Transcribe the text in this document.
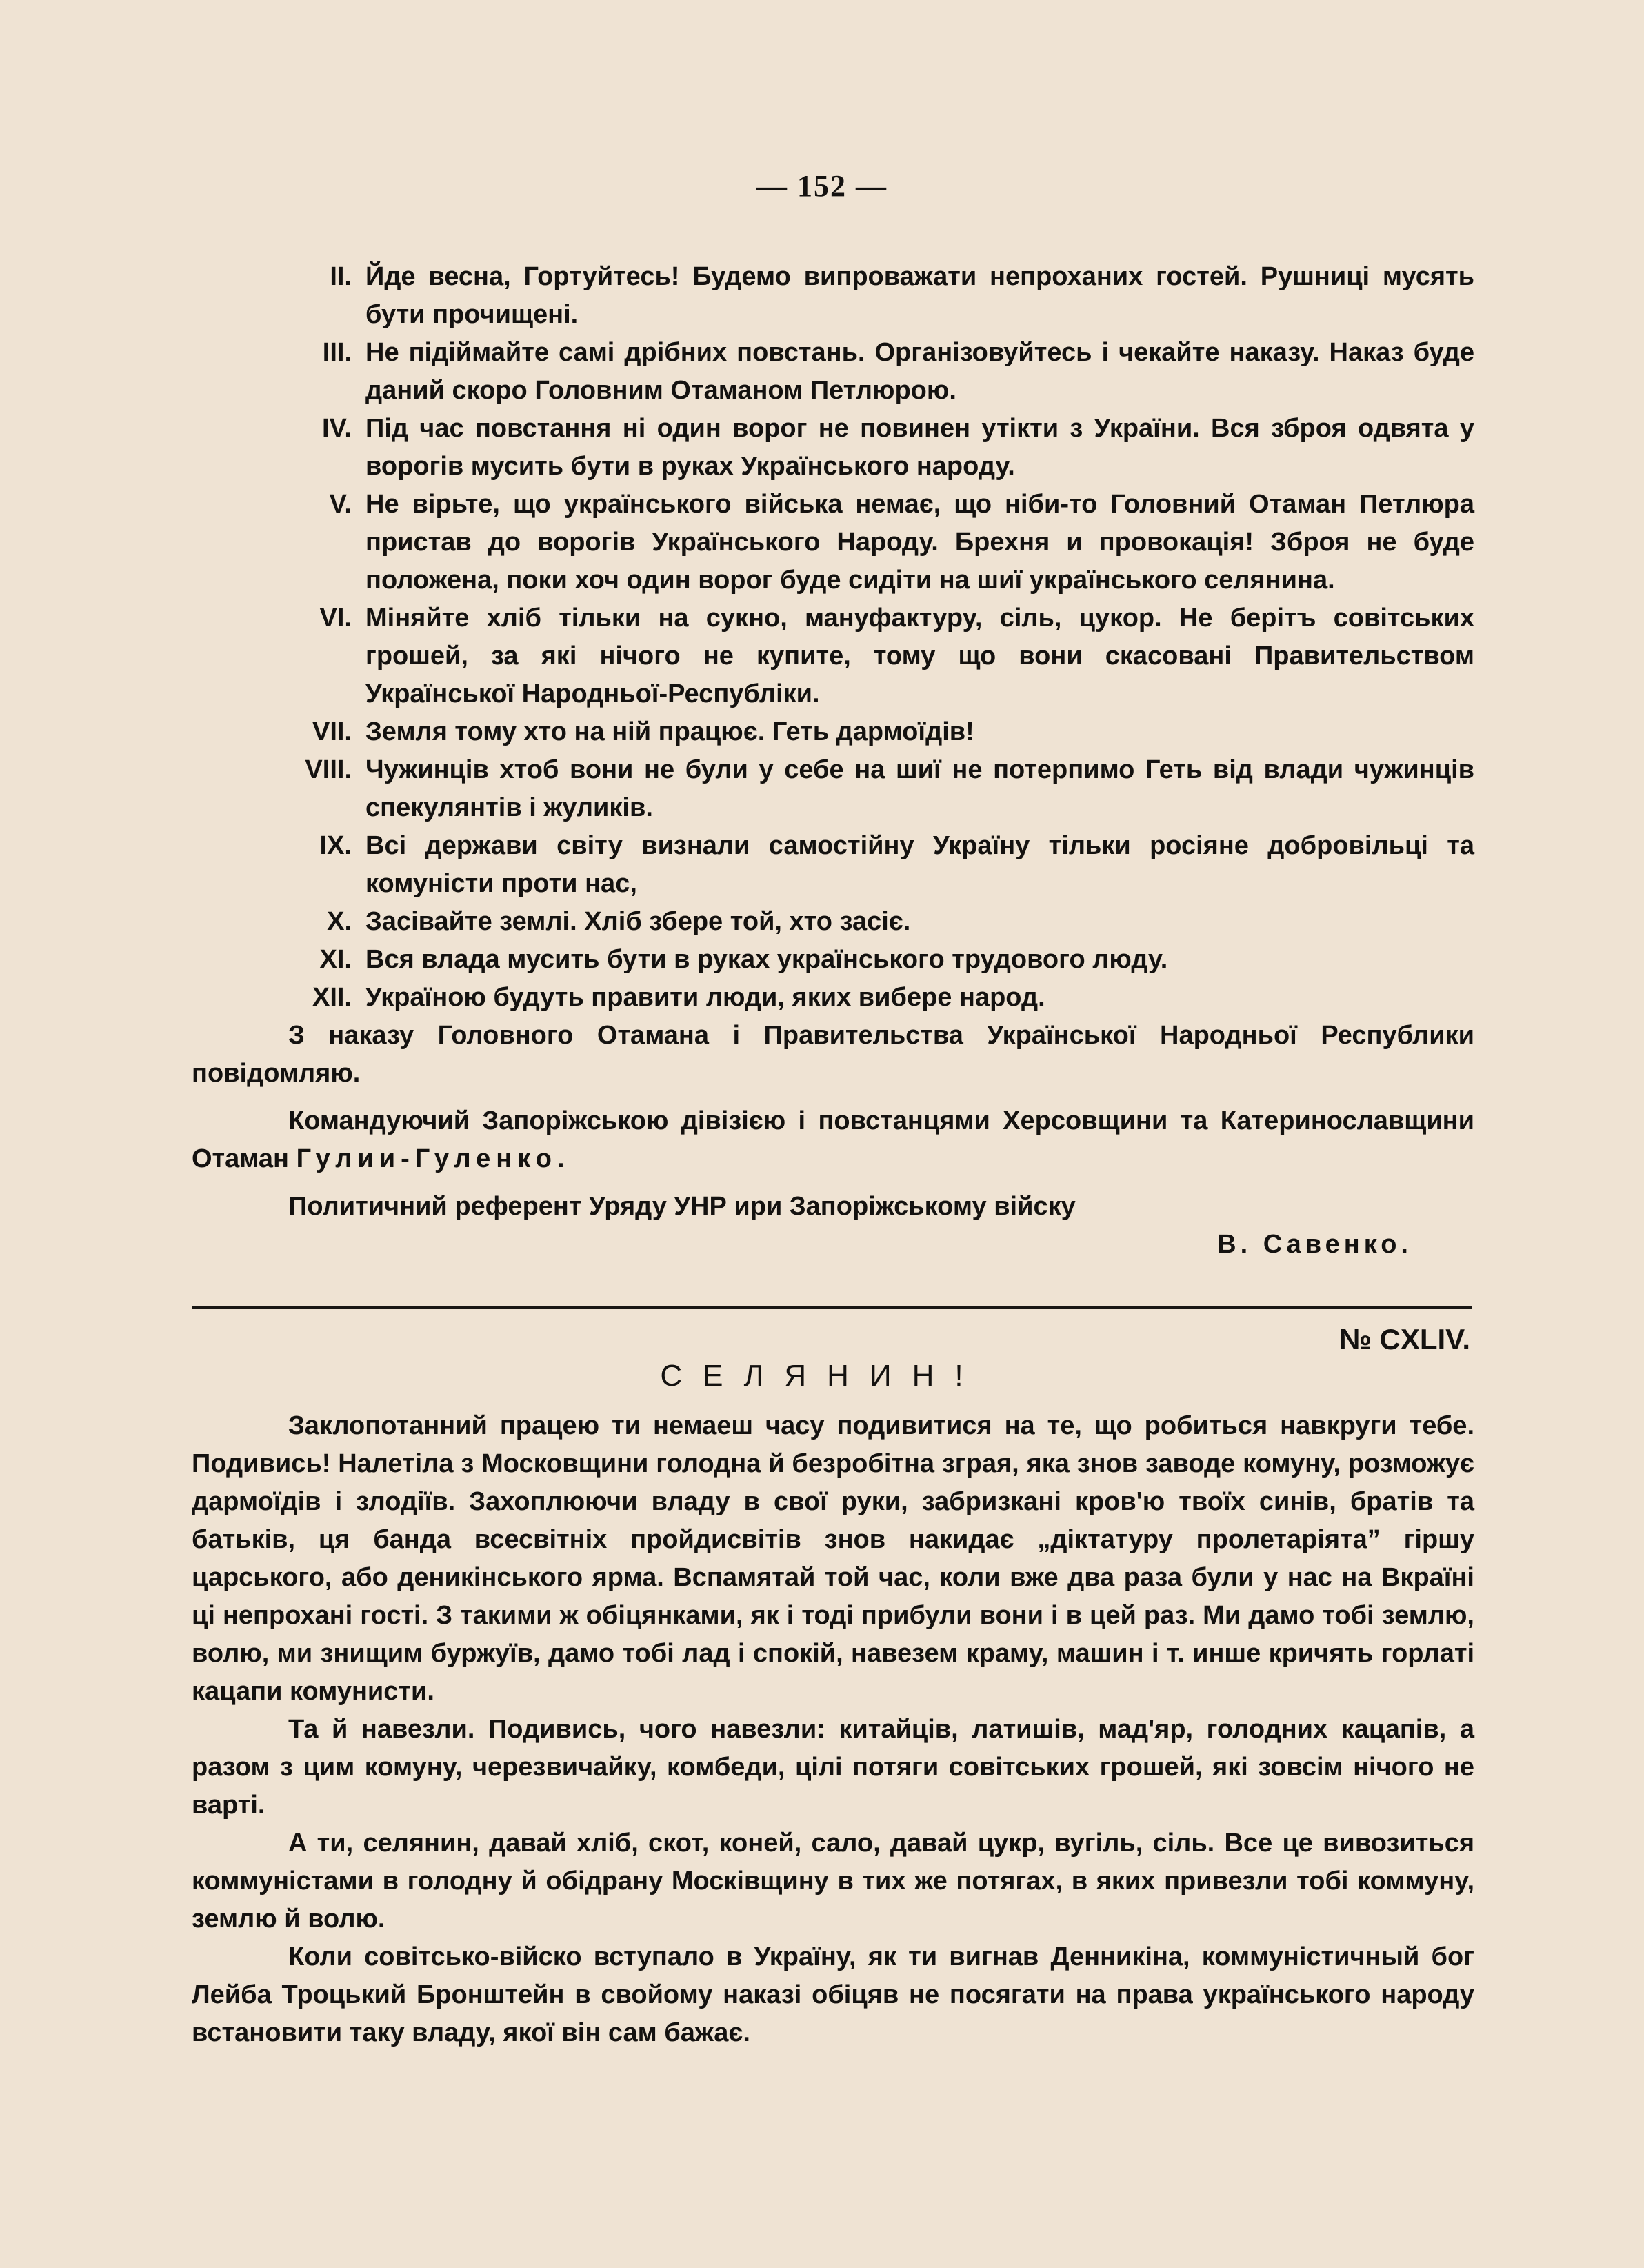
— 152 —
II. Йде весна, Гортуйтесь! Будемо випроважати непроханих гостей. Рушниці мусять бути прочищені.
III. Не підіймайте самі дрібних повстань. Організовуйтесь і чекайте наказу. Наказ буде даний скоро Головним Отаманом Петлюрою.
IV. Під час повстання ні один ворог не повинен утікти з України. Вся зброя одвята у ворогів мусить бути в руках Українського народу.
V. Не вірьте, що українського війська немає, що ніби-то Головний Отаман Петлюра пристав до ворогів Українського Народу. Брехня и провокація! Зброя не буде положена, поки хоч один ворог буде сидіти на шиї українського селянина.
VI. Міняйте хліб тільки на сукно, мануфактуру, сіль, цукор. Не берітъ совітських грошей, за які нічого не купите, тому що вони скасовані Правительством Української Народньої-Республіки.
VII. Земля тому хто на ній працює. Геть дармоїдів!
VIII. Чужинців хтоб вони не були у себе на шиї не потерпимо Геть від влади чужинців спекулянтів і жуликів.
IX. Всі держави світу визнали самостійну Україну тільки росіяне добровільці та комуністи проти нас,
X. Засівайте землі. Хліб збере той, хто засіє.
XI. Вся влада мусить бути в руках українського трудового люду.
XII. Україною будуть правити люди, яких вибере народ.

З наказу Головного Отамана і Правительства Української Народньої Республики повідомляю.

Командуючий Запоріжською дівізією і повстанцями Херсовщини та Катеринославщини Отаман Гулии-Гуленко.

Политичний референт Уряду УНР ири Запоріжському війску

В. Савенко.

№ CXLIV.
СЕЛЯНИН!

Заклопотанний працею ти немаеш часу подивитися на те, що робиться навкруги тебе. Подивись! Налетіла з Московщини голодна й безробітна зграя, яка знов заводе комуну, розможує дармоїдів і злодіїв. Захоплюючи владу в свої руки, забризкані кров'ю твоїх синів, братів та батьків, ця банда всесвітніх пройдисвітів знов накидає „діктатуру пролетаріята” гіршу царського, або деникінського ярма. Вспамятай той час, коли вже два раза були у нас на Вкраїні ці непрохані гості. З такими ж обіцянками, як і тоді прибули вони і в цей раз. Ми дамо тобі землю, волю, ми знищим буржуїв, дамо тобі лад і спокій, навезем краму, машин і т. инше кричять горлаті кацапи комунисти.

Та й навезли. Подивись, чого навезли: китайців, латишів, мад'яр, голодних кацапів, а разом з цим комуну, черезвичайку, комбеди, цілі потяги совітських грошей, які зовсім нічого не варті.

А ти, селянин, давай хліб, скот, коней, сало, давай цукр, вугіль, сіль. Все це вивозиться коммуністами в голодну й обідрану Москівщину в тих же потягах, в яких привезли тобі коммуну, землю й волю.

Коли совітсько-війско вступало в Україну, як ти вигнав Денникіна, коммуністичный бог Лейба Троцький Бронштейн в свойому наказі обіцяв не посягати на права українського народу встановити таку владу, якої він сам бажає.
